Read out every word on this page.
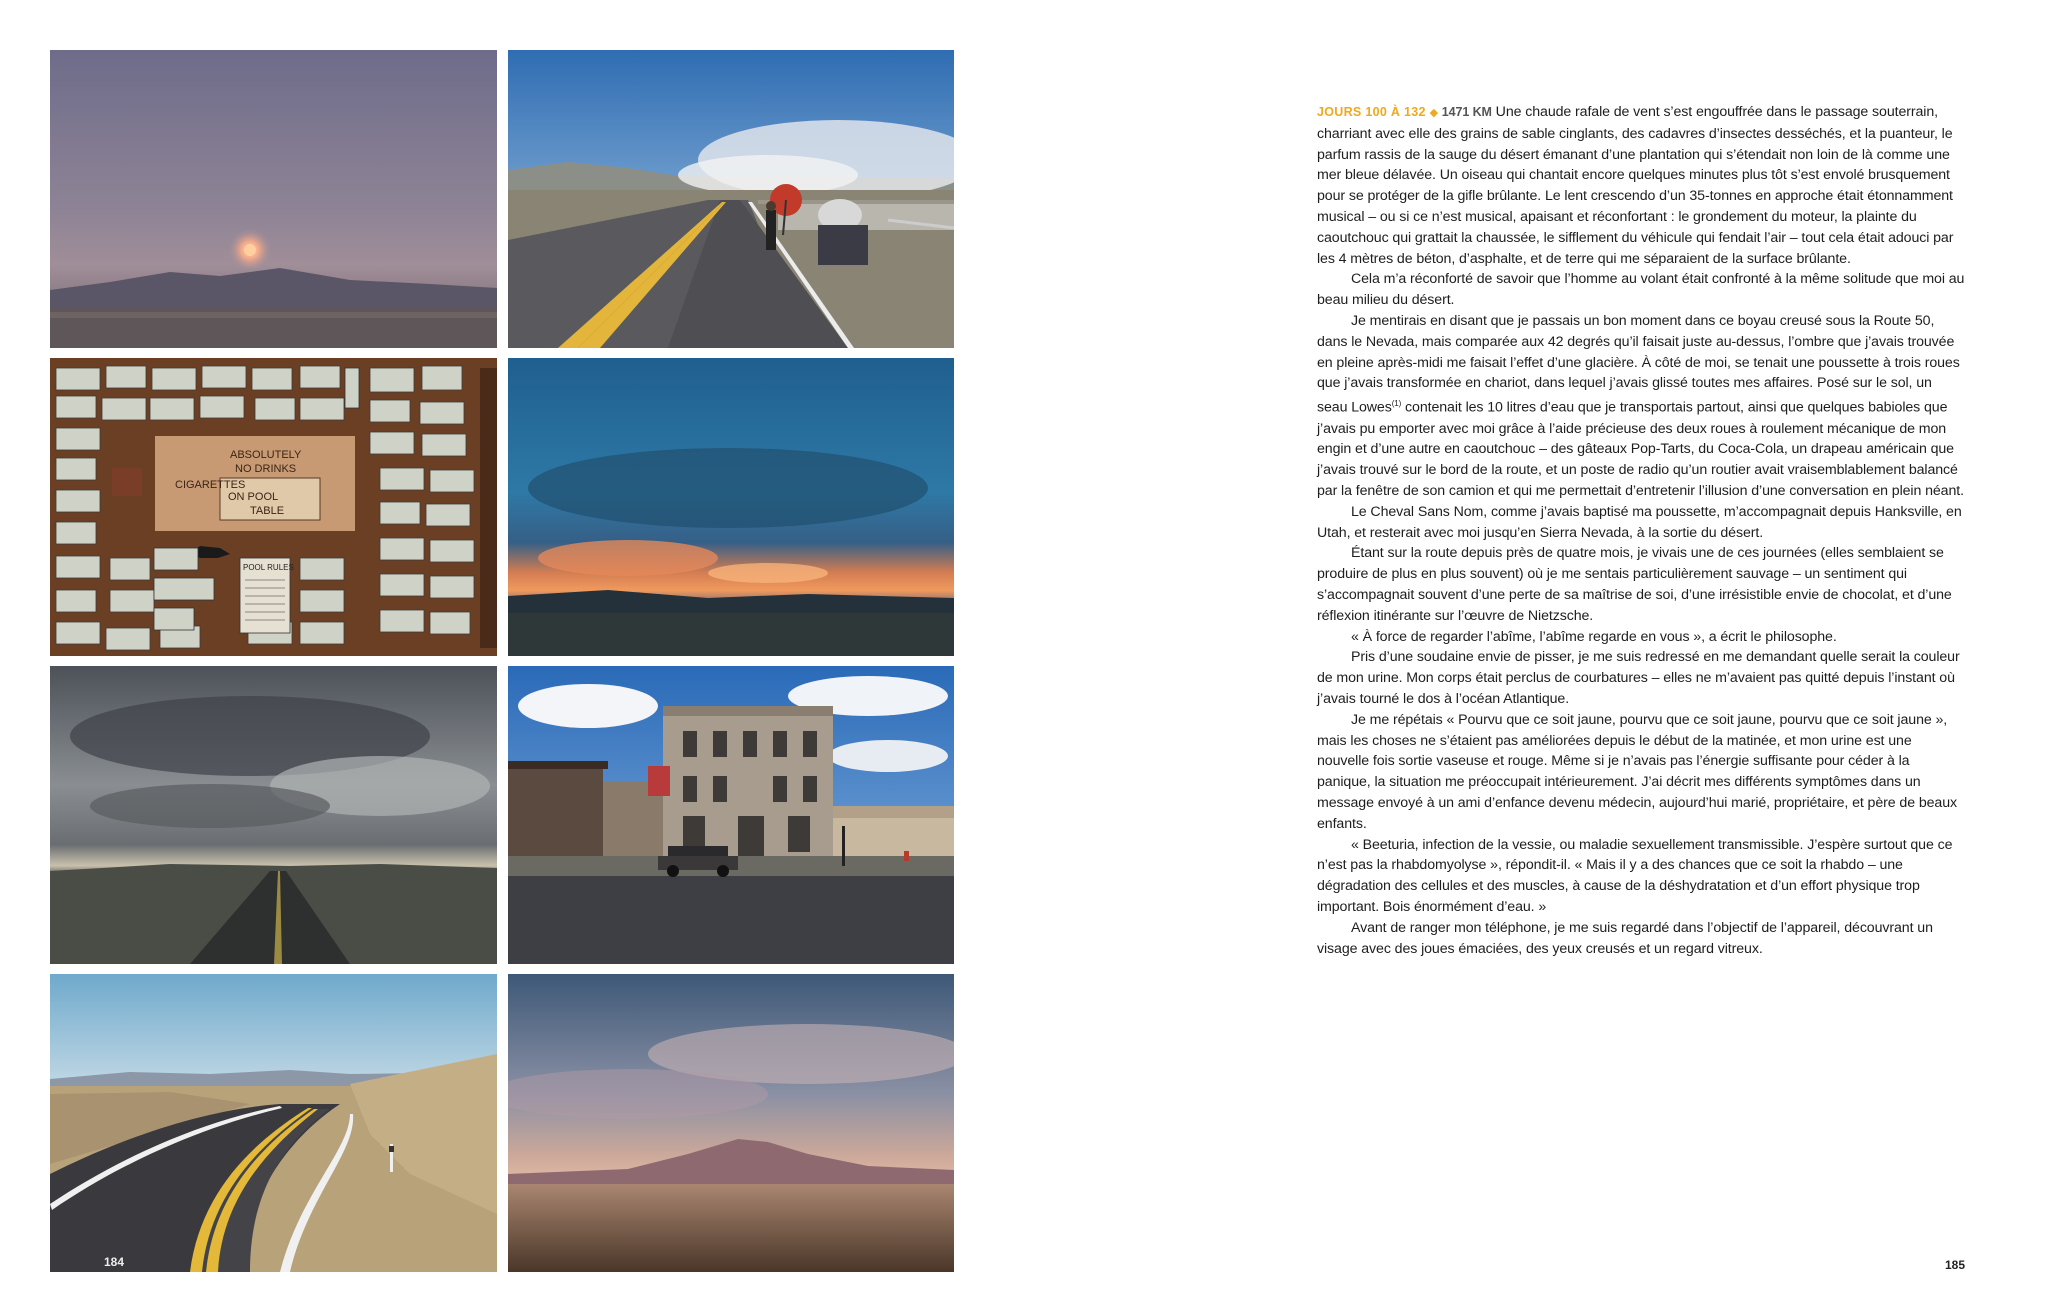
ABSOLUTELY
NO DRINKS
CIGARETTES
ON POOL
TABLE
POOL RULES
184	185

JOURS 100 À 132 ◆ 1471 KM Une chaude rafale de vent s’est engouffrée dans le passage souterrain, charriant avec elle des grains de sable cinglants, des cadavres d’insectes desséchés, et la puanteur, le parfum rassis de la sauge du désert émanant d’une plantation qui s’étendait non loin de là comme une mer bleue délavée. Un oiseau qui chantait encore quelques minutes plus tôt s’est envolé brusquement pour se protéger de la gifle brûlante. Le lent crescendo d’un 35-tonnes en approche était étonnamment musical – ou si ce n’est musical, apaisant et réconfortant : le grondement du moteur, la plainte du caoutchouc qui grattait la chaussée, le sifflement du véhicule qui fendait l’air – tout cela était adouci par les 4 mètres de béton, d’asphalte, et de terre qui me séparaient de la surface brûlante.

Cela m’a réconforté de savoir que l’homme au volant était confronté à la même solitude que moi au beau milieu du désert.

Je mentirais en disant que je passais un bon moment dans ce boyau creusé sous la Route 50, dans le Nevada, mais comparée aux 42 degrés qu’il faisait juste au-dessus, l’ombre que j’avais trouvée en pleine après-midi me faisait l’effet d’une glacière. À côté de moi, se tenait une poussette à trois roues que j’avais transformée en chariot, dans lequel j’avais glissé toutes mes affaires. Posé sur le sol, un seau Lowes$^{(1)}$ contenait les 10 litres d’eau que je transportais partout, ainsi que quelques babioles que j’avais pu emporter avec moi grâce à l’aide précieuse des deux roues à roulement mécanique de mon engin et d’une autre en caoutchouc – des gâteaux Pop-Tarts, du Coca-Cola, un drapeau américain que j’avais trouvé sur le bord de la route, et un poste de radio qu’un routier avait vraisemblablement balancé par la fenêtre de son camion et qui me permettait d’entretenir l’illusion d’une conversation en plein néant.

Le Cheval Sans Nom, comme j’avais baptisé ma poussette, m’accompagnait depuis Hanksville, en Utah, et resterait avec moi jusqu’en Sierra Nevada, à la sortie du désert.

Étant sur la route depuis près de quatre mois, je vivais une de ces journées (elles semblaient se produire de plus en plus souvent) où je me sentais particulièrement sauvage – un sentiment qui s’accompagnait souvent d’une perte de sa maîtrise de soi, d’une irrésistible envie de chocolat, et d’une réflexion itinérante sur l’œuvre de Nietzsche.

« À force de regarder l’abîme, l’abîme regarde en vous », a écrit le philosophe.

Pris d’une soudaine envie de pisser, je me suis redressé en me demandant quelle serait la couleur de mon urine. Mon corps était perclus de courbatures – elles ne m’avaient pas quitté depuis l’instant où j’avais tourné le dos à l’océan Atlantique.

Je me répétais « Pourvu que ce soit jaune, pourvu que ce soit jaune, pourvu que ce soit jaune », mais les choses ne s’étaient pas améliorées depuis le début de la matinée, et mon urine est une nouvelle fois sortie vaseuse et rouge. Même si je n’avais pas l’énergie suffisante pour céder à la panique, la situation me préoccupait intérieurement. J’ai décrit mes différents symptômes dans un message envoyé à un ami d’enfance devenu médecin, aujourd’hui marié, propriétaire, et père de beaux enfants.

« Beeturia, infection de la vessie, ou maladie sexuellement transmissible. J’espère surtout que ce n’est pas la rhabdomyolyse », répondit-il. « Mais il y a des chances que ce soit la rhabdo – une dégradation des cellules et des muscles, à cause de la déshydratation et d’un effort physique trop important. Bois énormément d’eau. »

Avant de ranger mon téléphone, je me suis regardé dans l’objectif de l’appareil, découvrant un visage avec des joues émaciées, des yeux creusés et un regard vitreux.
